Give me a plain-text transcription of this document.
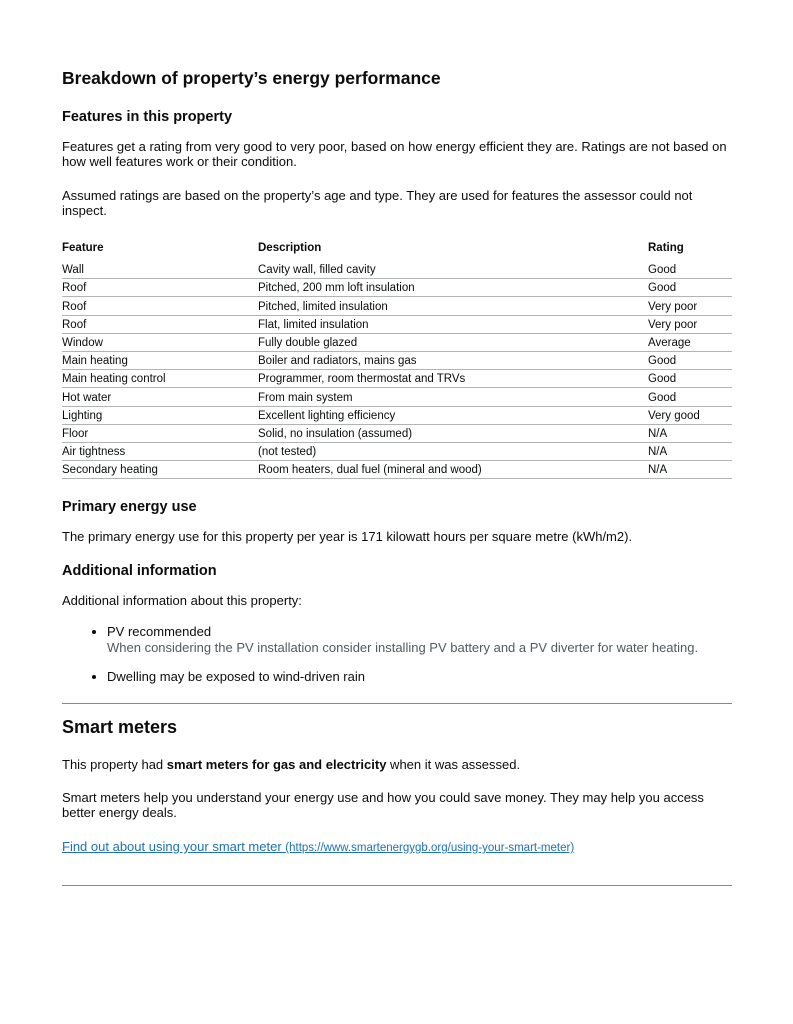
Breakdown of property’s energy performance
Features in this property

Features get a rating from very good to very poor, based on how energy efficient they are. Ratings are not based on how well features work or their condition.

Assumed ratings are based on the property’s age and type. They are used for features the assessor could not inspect.

Feature	Description	Rating
Wall	Cavity wall, filled cavity	Good
Roof	Pitched, 200 mm loft insulation	Good
Roof	Pitched, limited insulation	Very poor
Roof	Flat, limited insulation	Very poor
Window	Fully double glazed	Average
Main heating	Boiler and radiators, mains gas	Good
Main heating control	Programmer, room thermostat and TRVs	Good
Hot water	From main system	Good
Lighting	Excellent lighting efficiency	Very good
Floor	Solid, no insulation (assumed)	N/A
Air tightness	(not tested)	N/A
Secondary heating	Room heaters, dual fuel (mineral and wood)	N/A
Primary energy use

The primary energy use for this property per year is 171 kilowatt hours per square metre (kWh/m2).

Additional information

Additional information about this property:

• PV recommended
When considering the PV installation consider installing PV battery and a PV diverter for water heating.
• Dwelling may be exposed to wind-driven rain
Smart meters

This property had smart meters for gas and electricity when it was assessed.

Smart meters help you understand your energy use and how you could save money. They may help you access better energy deals.

Find out about using your smart meter (https://www.smartenergygb.org/using-your-smart-meter)
